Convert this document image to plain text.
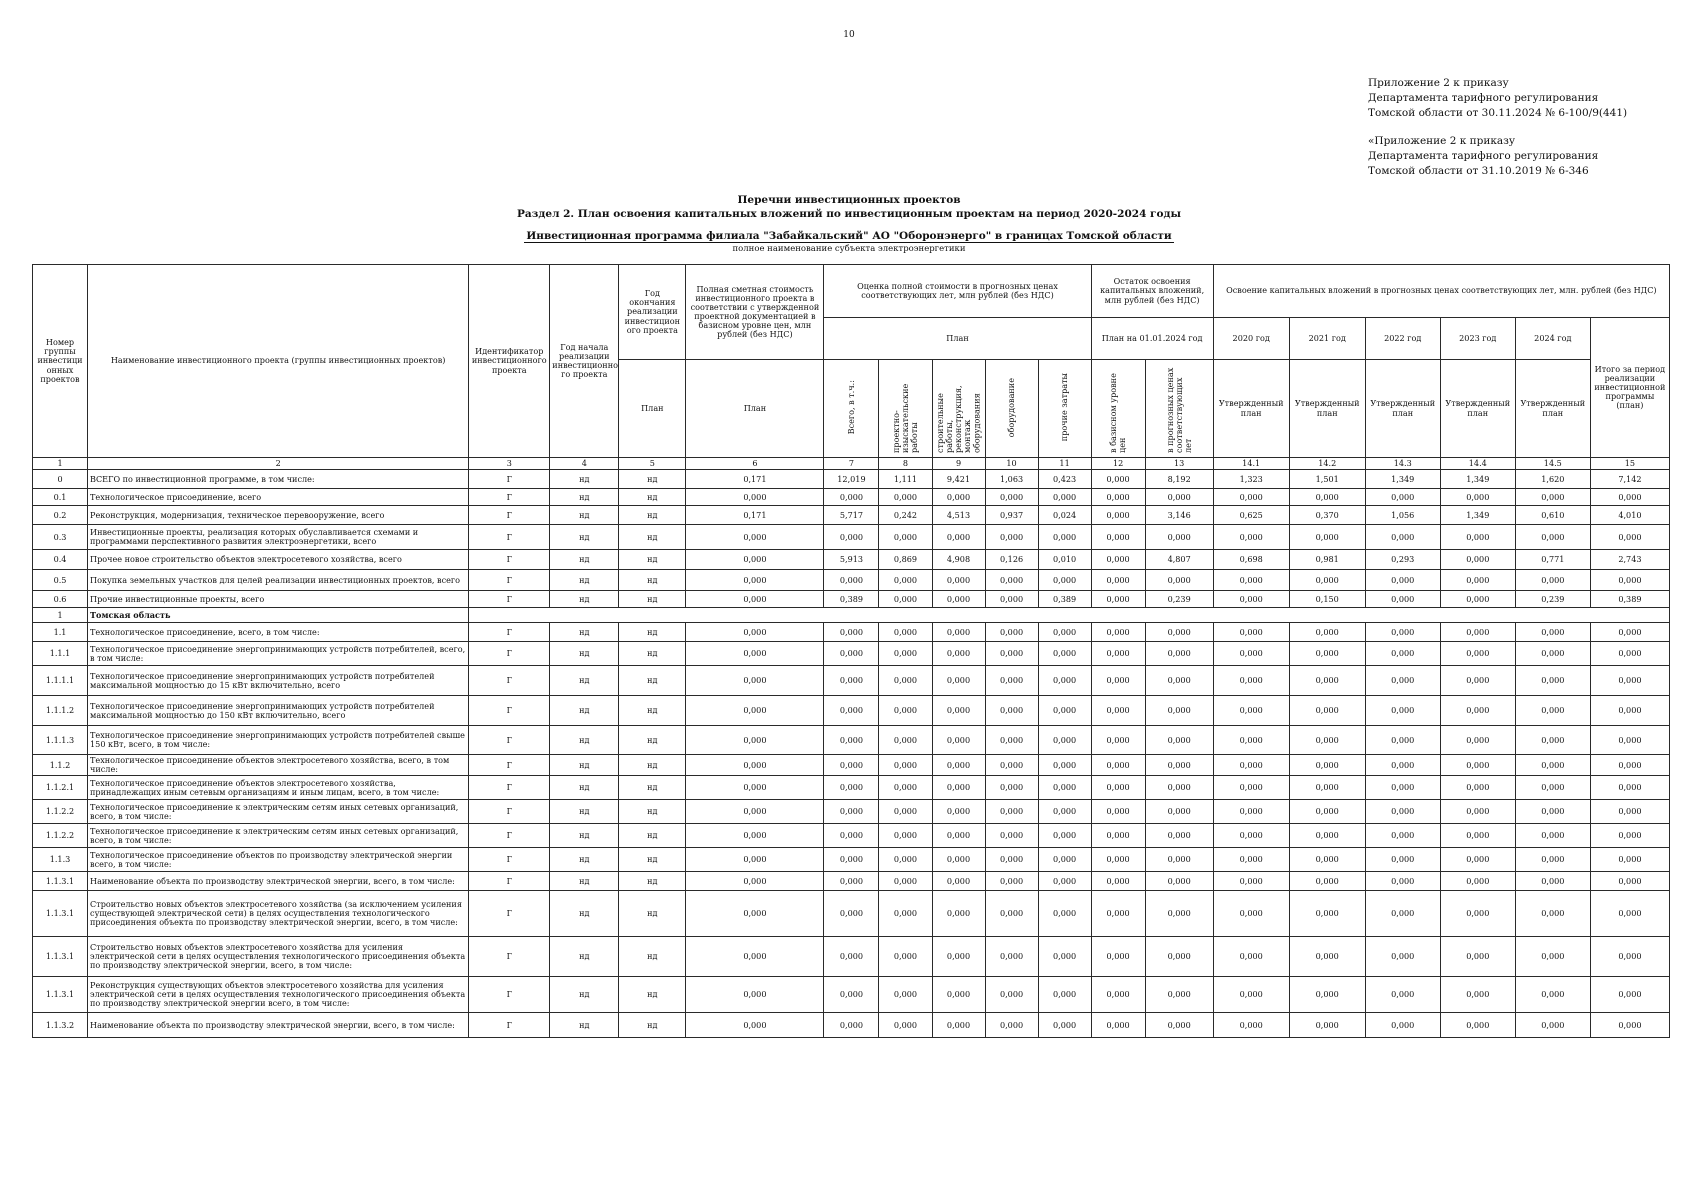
10
Приложение 2 к приказу
Департамента тарифного регулирования
Томской области от 30.11.2024 № 6-100/9(441)
«Приложение 2 к приказу
Департамента тарифного регулирования
Томской области от 31.10.2019 № 6-346
Перечни инвестиционных проектов
Раздел 2. План освоения капитальных вложений по инвестиционным проектам на период 2020-2024 годы
Инвестиционная программа филиала "Забайкальский" АО "Оборонэнерго" в границах Томской области
полное наименование субъекта электроэнергетики
Номер группы инвестици онных проектов	Наименование инвестиционного проекта (группы инвестиционных проектов)	Идентификатор инвестиционного проекта	Год начала реализации инвестиционно го проекта	Год окончания реализации инвестицион ого проекта	Полная сметная стоимость инвестиционного проекта в соответствии с утвержденной проектной документацией в базисном уровне цен, млн рублей (без НДС)	Оценка полной стоимости в прогнозных ценах соответствующих лет, млн рублей (без НДС)					Остаток освоения капитальных вложений, млн рублей (без НДС)		Освоение капитальных вложений в прогнозных ценах соответствующих лет, млн. рублей (без НДС)					
						План					План на 01.01.2024 год		2020 год	2021 год	2022 год	2023 год	2024 год	Итого за период реализации инвестиционной программы (план)
				План	План	Всего, в т.ч.:	проектно-изыскательские работы	строительные работы, реконструкция, монтаж оборудования	оборудование	прочие затраты	в базисном уровне цен	в прогнозных ценах соответствующих лет	Утвержденный план	Утвержденный план	Утвержденный план	Утвержденный план	Утвержденный план	
1	2	3	4	5	6	7	8	9	10	11	12	13	14.1	14.2	14.3	14.4	14.5	15
0	ВСЕГО по инвестиционной программе, в том числе:	Г	нд	нд	0,171	12,019	1,111	9,421	1,063	0,423	0,000	8,192	1,323	1,501	1,349	1,349	1,620	7,142
0.1	Технологическое присоединение, всего	Г	нд	нд	0,000	0,000	0,000	0,000	0,000	0,000	0,000	0,000	0,000	0,000	0,000	0,000	0,000	0,000
0.2	Реконструкция, модернизация, техническое перевооружение, всего	Г	нд	нд	0,171	5,717	0,242	4,513	0,937	0,024	0,000	3,146	0,625	0,370	1,056	1,349	0,610	4,010
0.3	Инвестиционные проекты, реализация которых обуславливается схемами и программами перспективного развития электроэнергетики, всего	Г	нд	нд	0,000	0,000	0,000	0,000	0,000	0,000	0,000	0,000	0,000	0,000	0,000	0,000	0,000	0,000
0.4	Прочее новое строительство объектов электросетевого хозяйства, всего	Г	нд	нд	0,000	5,913	0,869	4,908	0,126	0,010	0,000	4,807	0,698	0,981	0,293	0,000	0,771	2,743
0.5	Покупка земельных участков для целей реализации инвестиционных проектов, всего	Г	нд	нд	0,000	0,000	0,000	0,000	0,000	0,000	0,000	0,000	0,000	0,000	0,000	0,000	0,000	0,000
0.6	Прочие инвестиционные проекты, всего	Г	нд	нд	0,000	0,389	0,000	0,000	0,000	0,389	0,000	0,239	0,000	0,150	0,000	0,000	0,239	0,389
1	Томская область																	
1.1	Технологическое присоединение, всего, в том числе:	Г	нд	нд	0,000	0,000	0,000	0,000	0,000	0,000	0,000	0,000	0,000	0,000	0,000	0,000	0,000	0,000
1.1.1	Технологическое присоединение энергопринимающих устройств потребителей, всего, в том числе:	Г	нд	нд	0,000	0,000	0,000	0,000	0,000	0,000	0,000	0,000	0,000	0,000	0,000	0,000	0,000	0,000
1.1.1.1	Технологическое присоединение энергопринимающих устройств потребителей максимальной мощностью до 15 кВт включительно, всего	Г	нд	нд	0,000	0,000	0,000	0,000	0,000	0,000	0,000	0,000	0,000	0,000	0,000	0,000	0,000	0,000
1.1.1.2	Технологическое присоединение энергопринимающих устройств потребителей максимальной мощностью до 150 кВт включительно, всего	Г	нд	нд	0,000	0,000	0,000	0,000	0,000	0,000	0,000	0,000	0,000	0,000	0,000	0,000	0,000	0,000
1.1.1.3	Технологическое присоединение энергопринимающих устройств потребителей свыше 150 кВт, всего, в том числе:	Г	нд	нд	0,000	0,000	0,000	0,000	0,000	0,000	0,000	0,000	0,000	0,000	0,000	0,000	0,000	0,000
1.1.2	Технологическое присоединение объектов электросетевого хозяйства, всего, в том числе:	Г	нд	нд	0,000	0,000	0,000	0,000	0,000	0,000	0,000	0,000	0,000	0,000	0,000	0,000	0,000	0,000
1.1.2.1	Технологическое присоединение объектов электросетевого хозяйства, принадлежащих иным сетевым организациям и иным лицам, всего, в том числе:	Г	нд	нд	0,000	0,000	0,000	0,000	0,000	0,000	0,000	0,000	0,000	0,000	0,000	0,000	0,000	0,000
1.1.2.2	Технологическое присоединение к электрическим сетям иных сетевых организаций, всего, в том числе:	Г	нд	нд	0,000	0,000	0,000	0,000	0,000	0,000	0,000	0,000	0,000	0,000	0,000	0,000	0,000	0,000
1.1.2.2	Технологическое присоединение к электрическим сетям иных сетевых организаций, всего, в том числе:	Г	нд	нд	0,000	0,000	0,000	0,000	0,000	0,000	0,000	0,000	0,000	0,000	0,000	0,000	0,000	0,000
1.1.3	Технологическое присоединение объектов по производству электрической энергии всего, в том числе:	Г	нд	нд	0,000	0,000	0,000	0,000	0,000	0,000	0,000	0,000	0,000	0,000	0,000	0,000	0,000	0,000
1.1.3.1	Наименование объекта по производству электрической энергии, всего, в том числе:	Г	нд	нд	0,000	0,000	0,000	0,000	0,000	0,000	0,000	0,000	0,000	0,000	0,000	0,000	0,000	0,000
1.1.3.1	Строительство новых объектов электросетевого хозяйства (за исключением усиления существующей электрической сети) в целях осуществления технологического присоединения объекта по производству электрической энергии, всего, в том числе:	Г	нд	нд	0,000	0,000	0,000	0,000	0,000	0,000	0,000	0,000	0,000	0,000	0,000	0,000	0,000	0,000
1.1.3.1	Строительство новых объектов электросетевого хозяйства для усиления электрической сети в целях осуществления технологического присоединения объекта по производству электрической энергии, всего, в том числе:	Г	нд	нд	0,000	0,000	0,000	0,000	0,000	0,000	0,000	0,000	0,000	0,000	0,000	0,000	0,000	0,000
1.1.3.1	Реконструкция существующих объектов электросетевого хозяйства для усиления электрической сети в целях осуществления технологического присоединения объекта по производству электрической энергии всего, в том числе:	Г	нд	нд	0,000	0,000	0,000	0,000	0,000	0,000	0,000	0,000	0,000	0,000	0,000	0,000	0,000	0,000
1.1.3.2	Наименование объекта по производству электрической энергии, всего, в том числе:	Г	нд	нд	0,000	0,000	0,000	0,000	0,000	0,000	0,000	0,000	0,000	0,000	0,000	0,000	0,000	0,000
